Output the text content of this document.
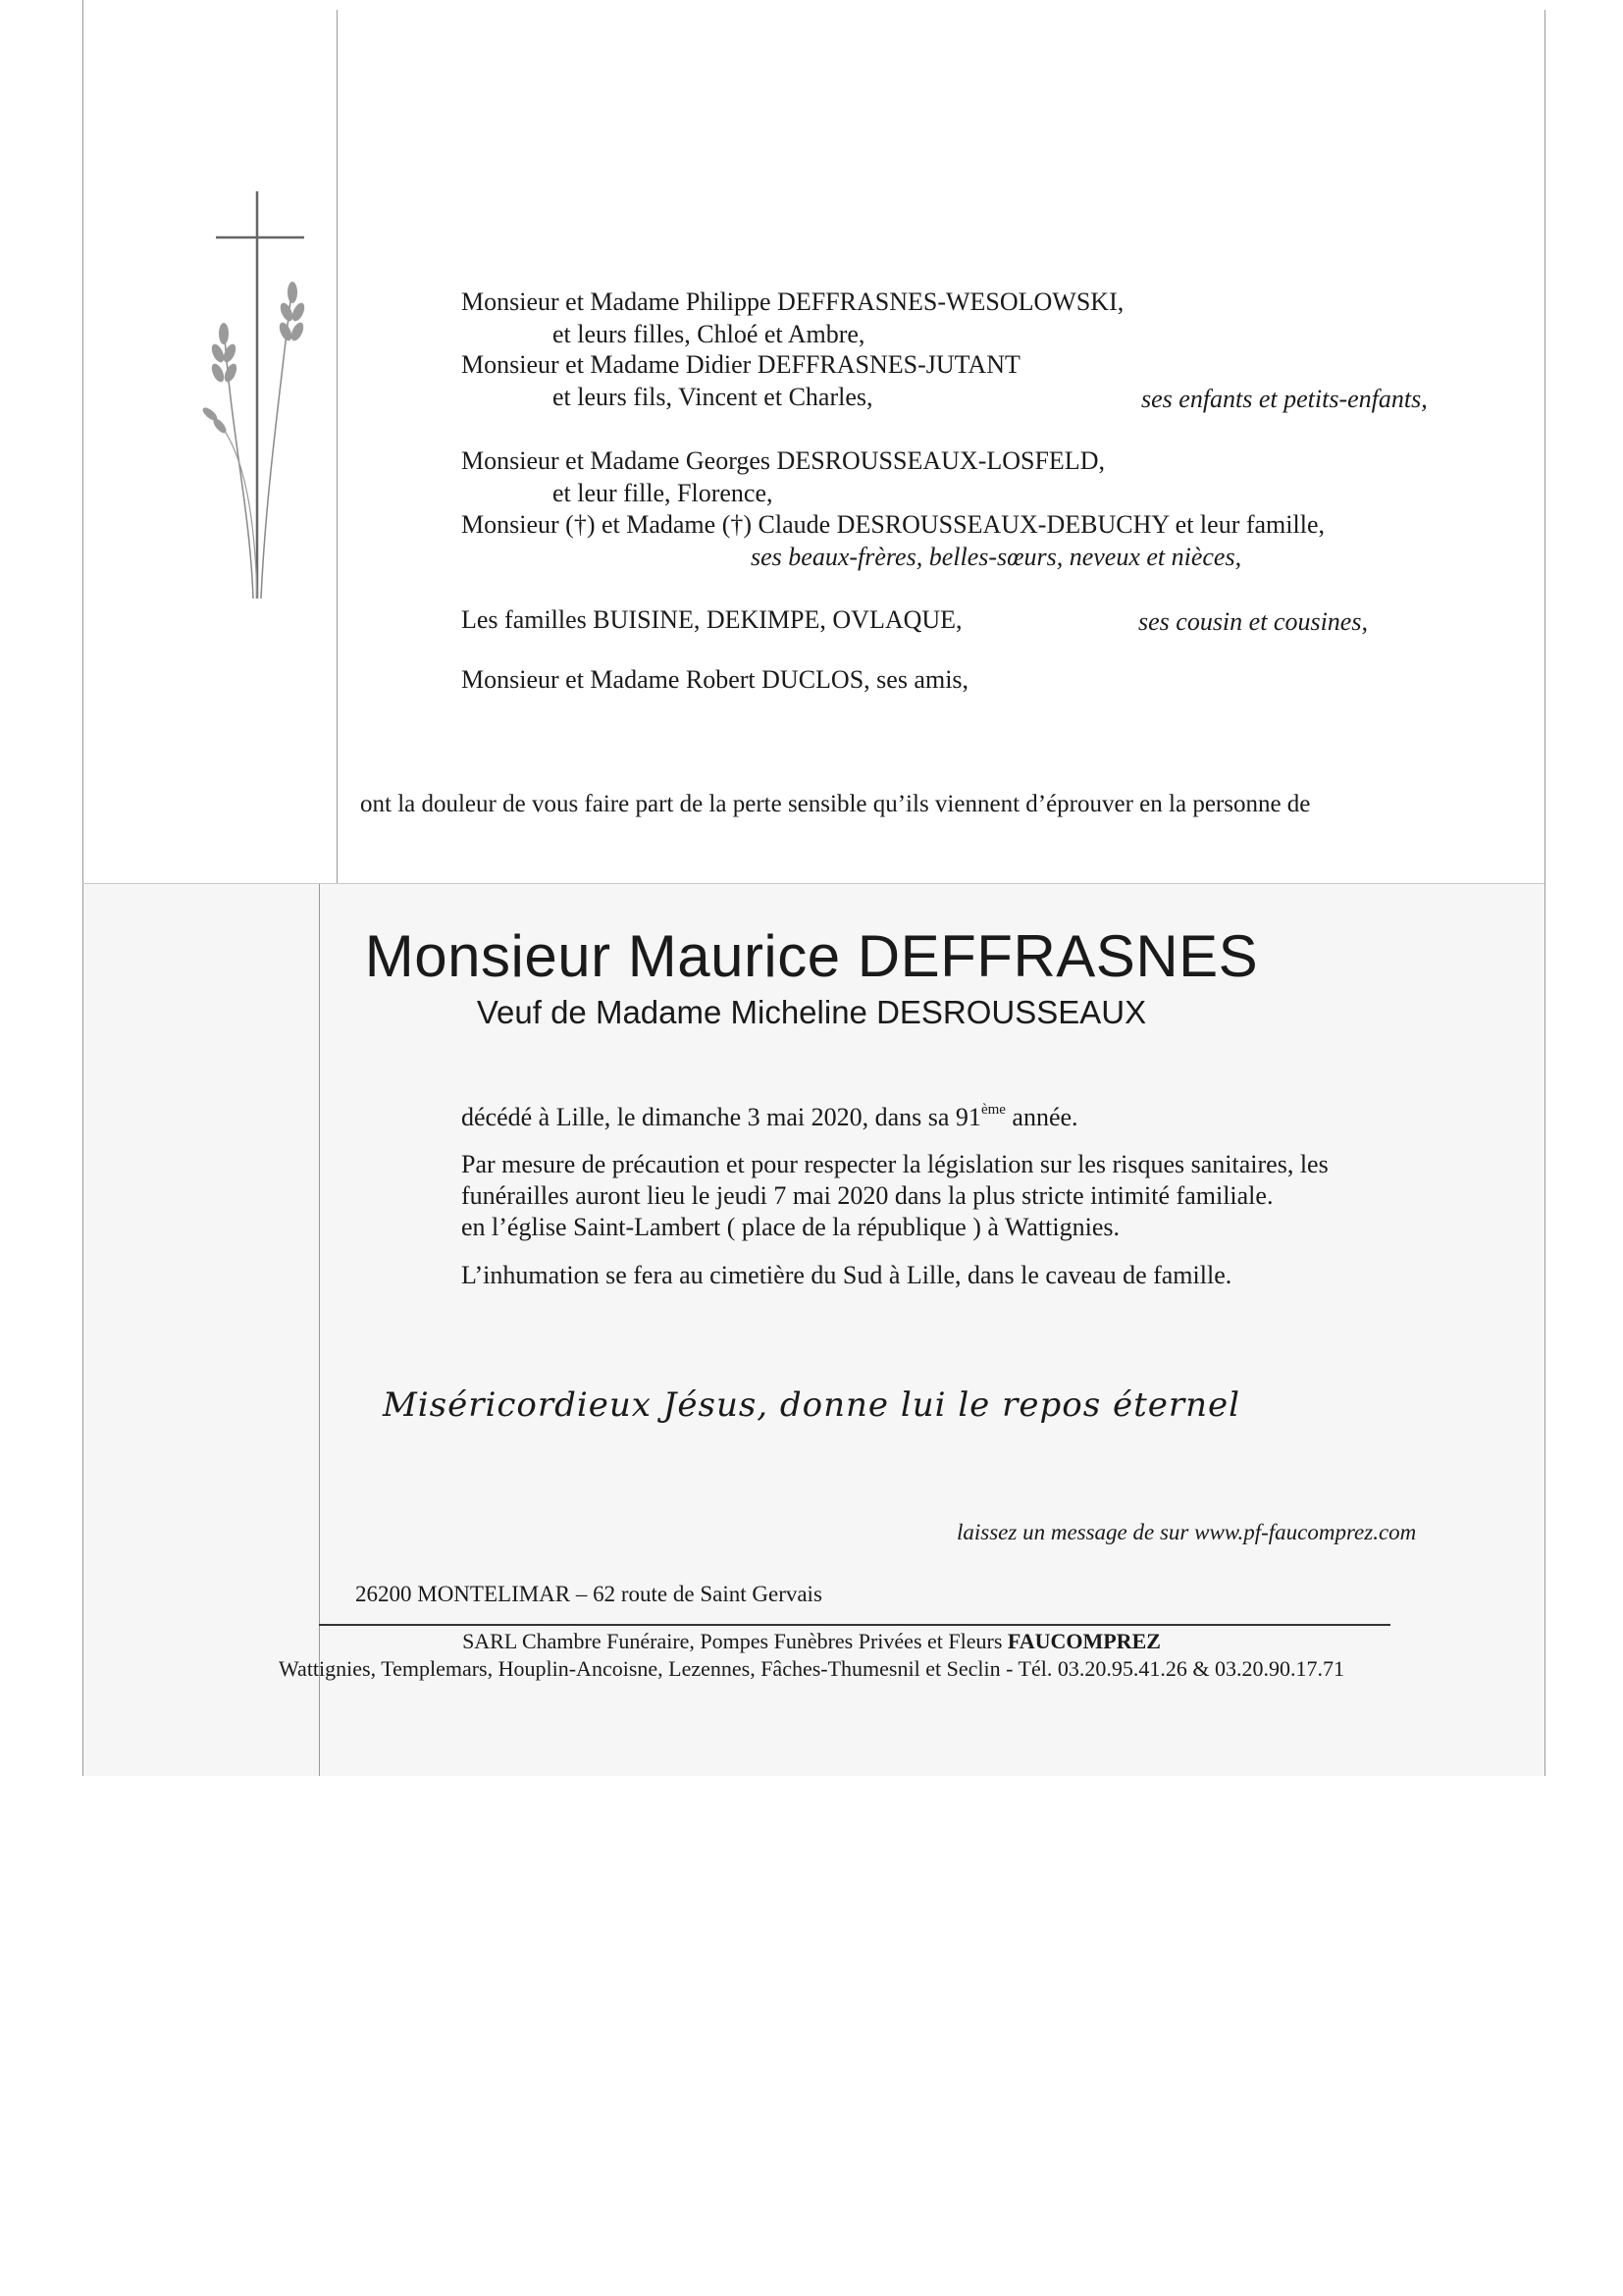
Monsieur et Madame Philippe DEFFRASNES-WESOLOWSKI,
et leurs filles, Chloé et Ambre,
Monsieur et Madame Didier DEFFRASNES-JUTANT
et leurs fils, Vincent et Charles,	ses enfants et petits-enfants,
Monsieur et Madame Georges DESROUSSEAUX-LOSFELD,
et leur fille, Florence,
Monsieur (†) et Madame (†) Claude DESROUSSEAUX-DEBUCHY et leur famille,
ses beaux-frères, belles-sœurs, neveux et nièces,
Les familles BUISINE, DEKIMPE, OVLAQUE,	ses cousin et cousines,
Monsieur et Madame Robert DUCLOS, ses amis,
ont la douleur de vous faire part de la perte sensible qu’ils viennent d’éprouver en la personne de
Monsieur Maurice DEFFRASNES
Veuf de Madame Micheline DESROUSSEAUX
décédé à Lille, le dimanche 3 mai 2020, dans sa 91ème année.
Par mesure de précaution et pour respecter la législation sur les risques sanitaires, les
funérailles auront lieu le jeudi 7 mai 2020 dans la plus stricte intimité familiale.
en l’église Saint-Lambert ( place de la république ) à Wattignies.
L’inhumation se fera au cimetière du Sud à Lille, dans le caveau de famille.
Miséricordieux Jésus, donne lui le repos éternel
laissez un message de sur www.pf-faucomprez.com
26200 MONTELIMAR – 62 route de Saint Gervais
SARL Chambre Funéraire, Pompes Funèbres Privées et Fleurs FAUCOMPREZ
Wattignies, Templemars, Houplin-Ancoisne, Lezennes, Fâches-Thumesnil et Seclin - Tél. 03.20.95.41.26 & 03.20.90.17.71
